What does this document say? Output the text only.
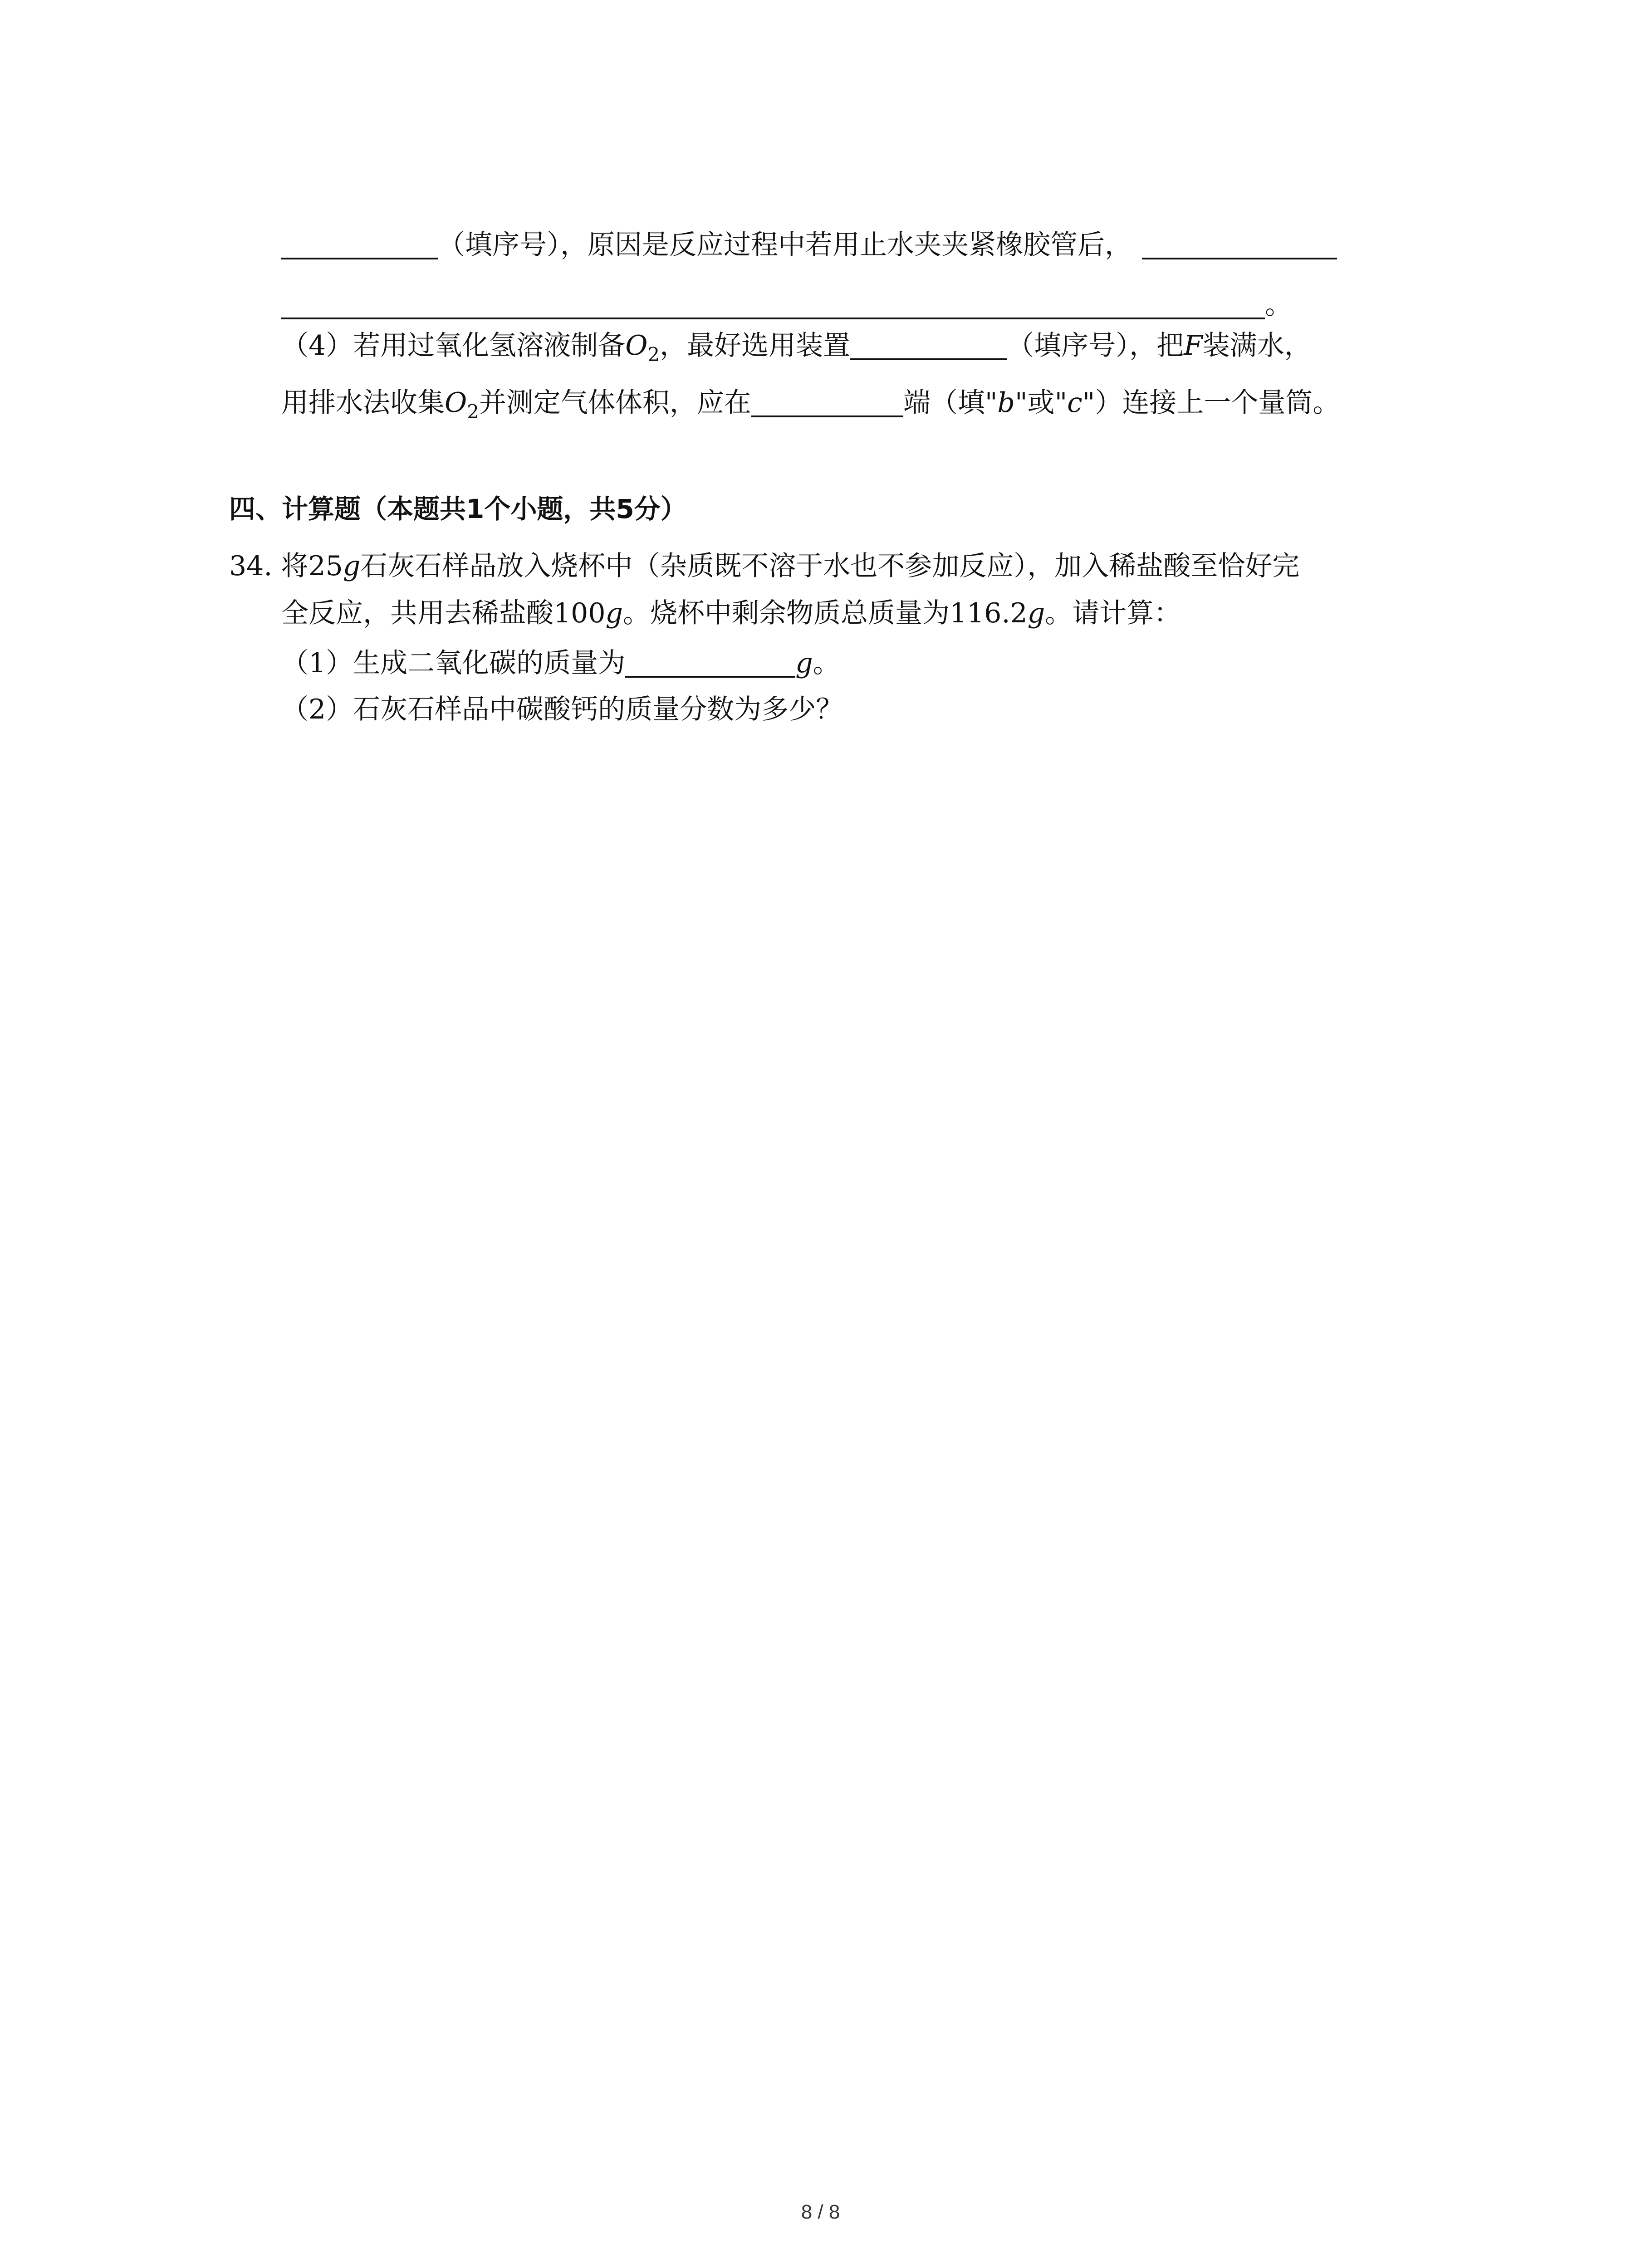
（填序号），原因是反应过程中若用止水夹夹紧橡胶管后，
。
（4）若用过氧化氢溶液制备$O_2$，最好选用装置	（填序号），把F装满水，
用排水法收集$O_2$并测定气体体积，应在	端（填"b"或"c"）连接上一个量筒。
四、计算题（本题共1个小题，共5分）
34. 将25g石灰石样品放入烧杯中（杂质既不溶于水也不参加反应），加入稀盐酸至恰好完
全反应，共用去稀盐酸100g。烧杯中剩余物质总质量为116.2g。请计算：
（1）生成二氧化碳的质量为	g。
（2）石灰石样品中碳酸钙的质量分数为多少？
8 / 8
